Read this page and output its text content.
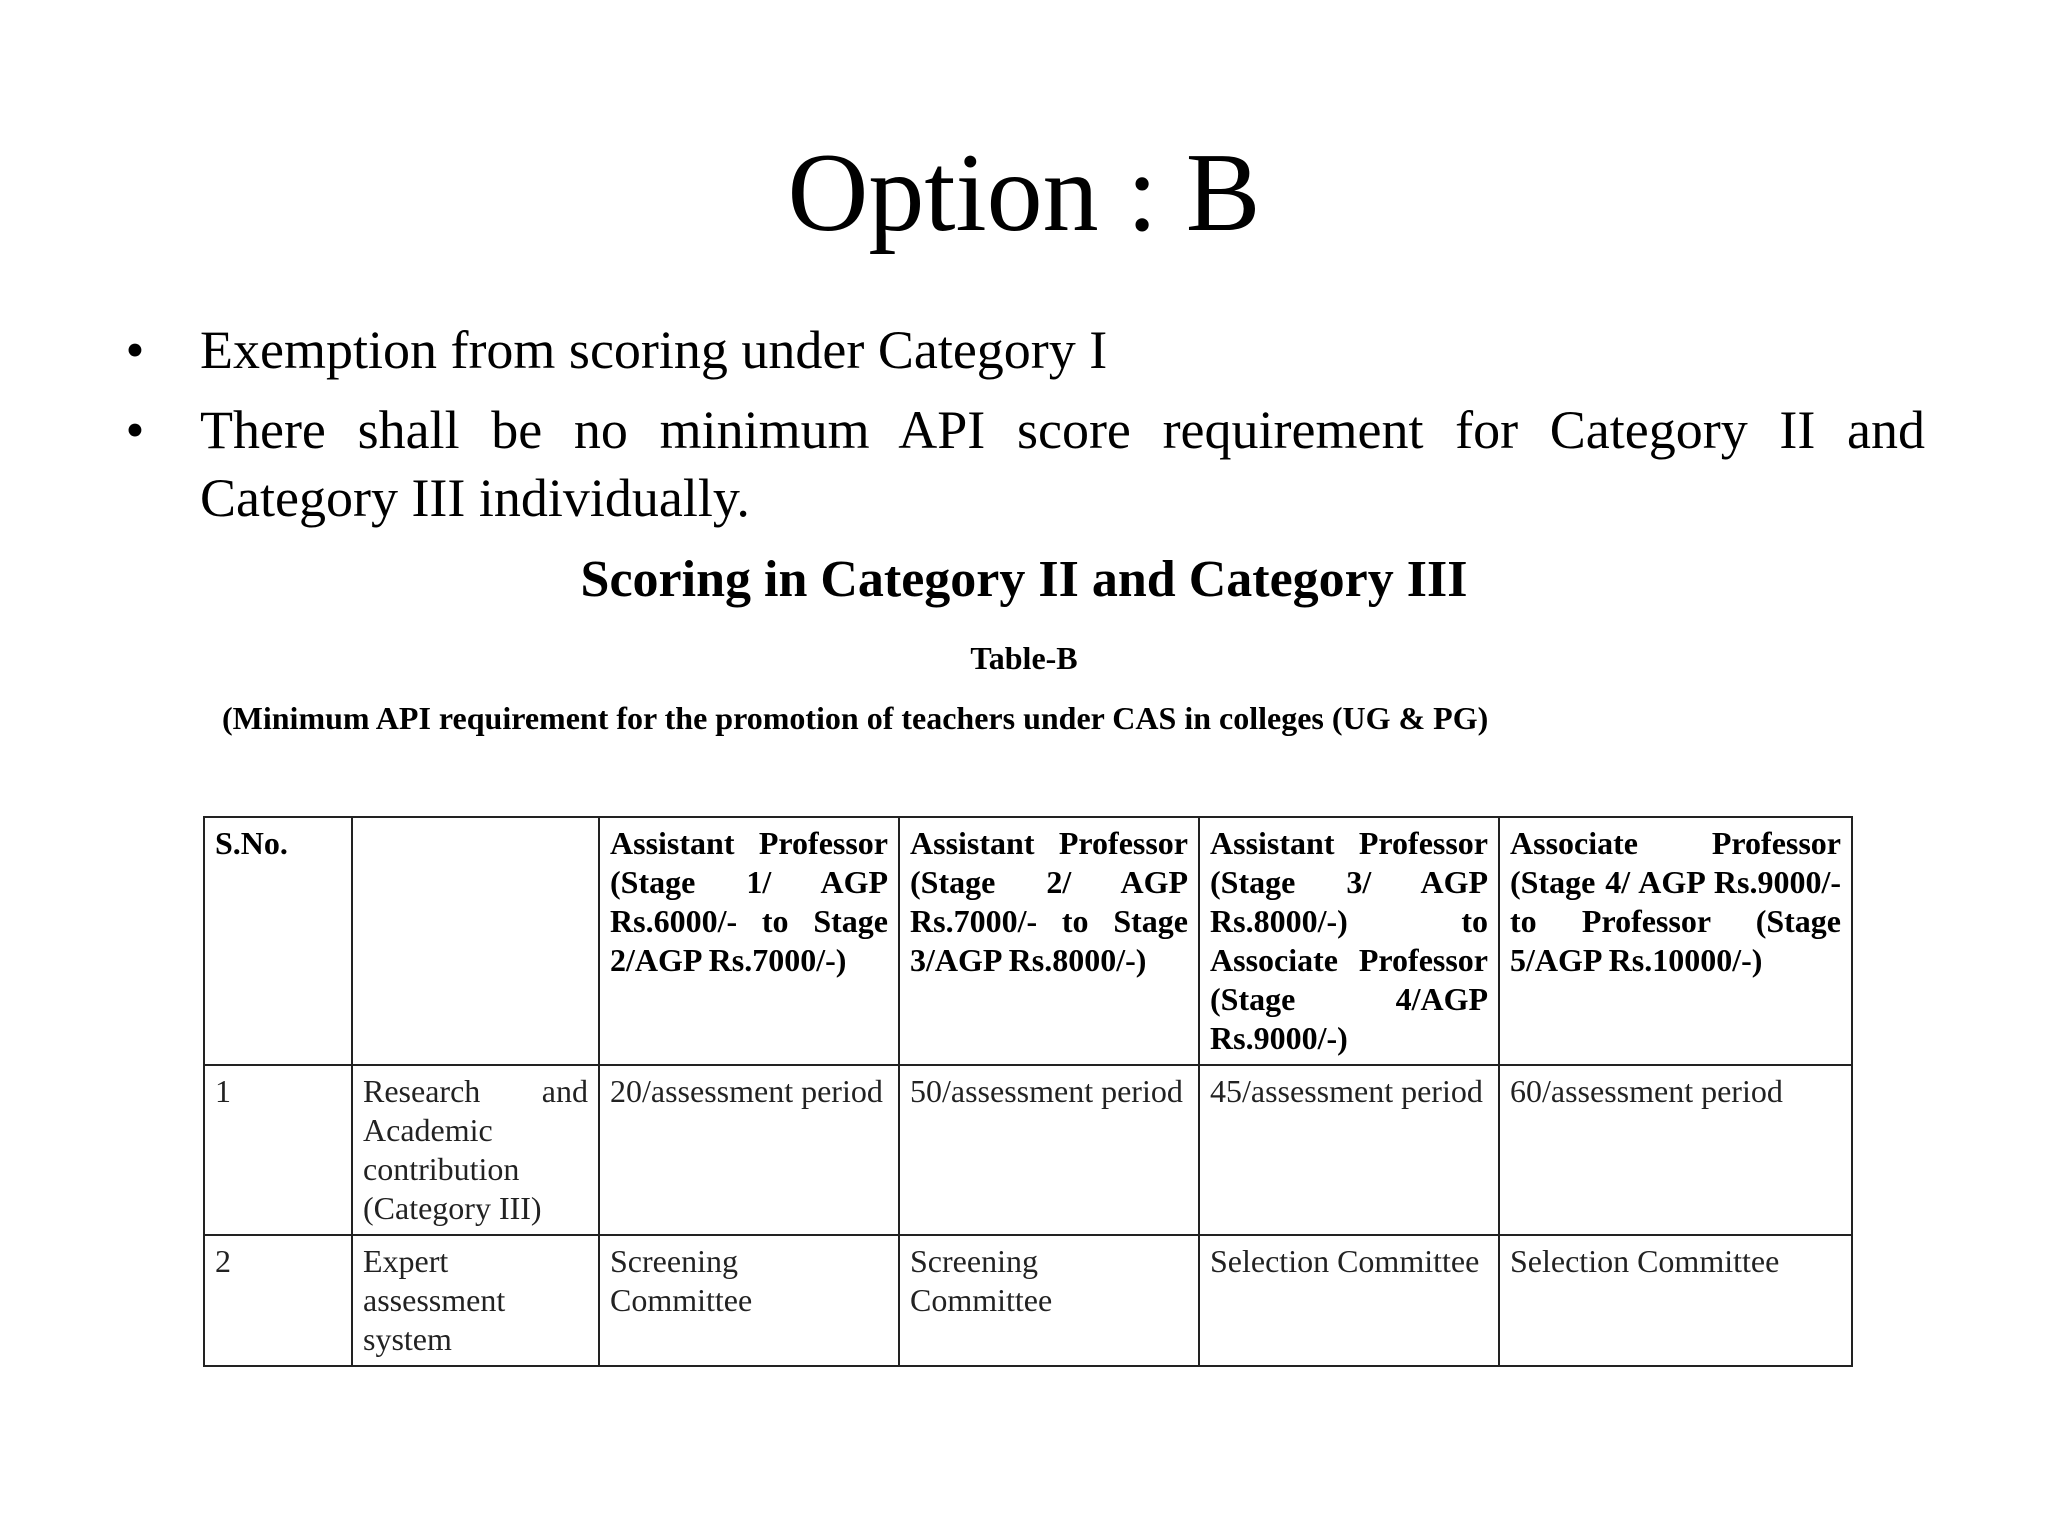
Option : B
• Exemption from scoring under Category I
• There shall be no minimum API score requirement for Category II and Category III individually.
Scoring in Category II and Category III
Table-B
(Minimum API requirement for the promotion of teachers under CAS in colleges (UG & PG)
S.No.		Assistant Professor (Stage 1/ AGP Rs.6000/- to Stage 2/AGP Rs.7000/-)	Assistant Professor (Stage 2/ AGP Rs.7000/- to Stage 3/AGP Rs.8000/-)	Assistant Professor (Stage 3/ AGP Rs.8000/-) to Associate Professor (Stage 4/AGP Rs.9000/-)	Associate Professor (Stage 4/ AGP Rs.9000/- to Professor (Stage 5/AGP Rs.10000/-)
1	Research and Academic contribution (Category III)	20/assessment period	50/assessment period	45/assessment period	60/assessment period
2	Expert assessment system	Screening Committee	Screening Committee	Selection Committee	Selection Committee
